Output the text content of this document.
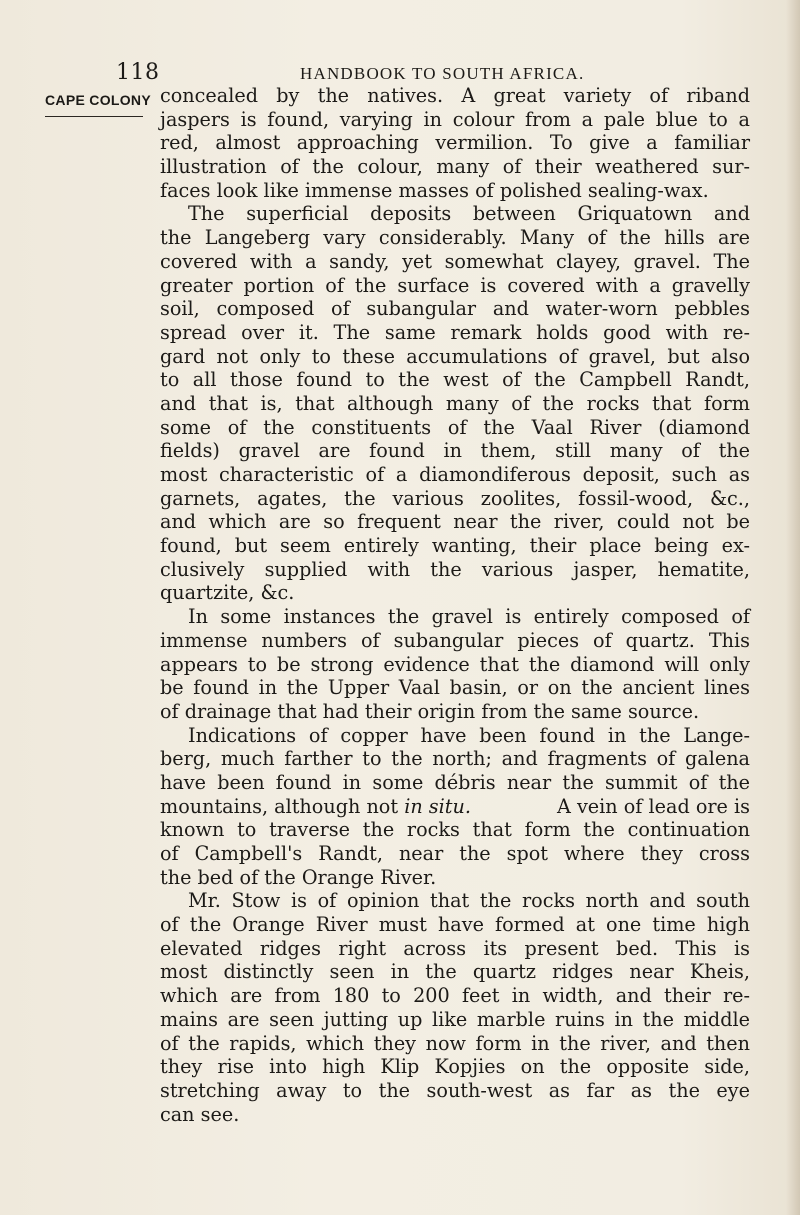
118	HANDBOOK TO SOUTH AFRICA.
CAPE COLONY concealed by the natives. A great variety of riband
jaspers is found, varying in colour from a pale blue to a
red, almost approaching vermilion. To give a familiar
illustration of the colour, many of their weathered sur-
faces look like immense masses of polished sealing-wax.
The superficial deposits between Griquatown and
the Langeberg vary considerably. Many of the hills are
covered with a sandy, yet somewhat clayey, gravel. The
greater portion of the surface is covered with a gravelly
soil, composed of subangular and water-worn pebbles
spread over it. The same remark holds good with re-
gard not only to these accumulations of gravel, but also
to all those found to the west of the Campbell Randt,
and that is, that although many of the rocks that form
some of the constituents of the Vaal River (diamond
fields) gravel are found in them, still many of the
most characteristic of a diamondiferous deposit, such as
garnets, agates, the various zoolites, fossil-wood, &c.,
and which are so frequent near the river, could not be
found, but seem entirely wanting, their place being ex-
clusively supplied with the various jasper, hematite,
quartzite, &c.
In some instances the gravel is entirely composed of
immense numbers of subangular pieces of quartz. This
appears to be strong evidence that the diamond will only
be found in the Upper Vaal basin, or on the ancient lines
of drainage that had their origin from the same source.
Indications of copper have been found in the Lange-
berg, much farther to the north; and fragments of galena
have been found in some débris near the summit of the
mountains, although not in situ.	A vein of lead ore is
known to traverse the rocks that form the continuation
of Campbell's Randt, near the spot where they cross
the bed of the Orange River.
Mr. Stow is of opinion that the rocks north and south
of the Orange River must have formed at one time high
elevated ridges right across its present bed. This is
most distinctly seen in the quartz ridges near Kheis,
which are from 180 to 200 feet in width, and their re-
mains are seen jutting up like marble ruins in the middle
of the rapids, which they now form in the river, and then
they rise into high Klip Kopjies on the opposite side,
stretching away to the south-west as far as the eye
can see.
